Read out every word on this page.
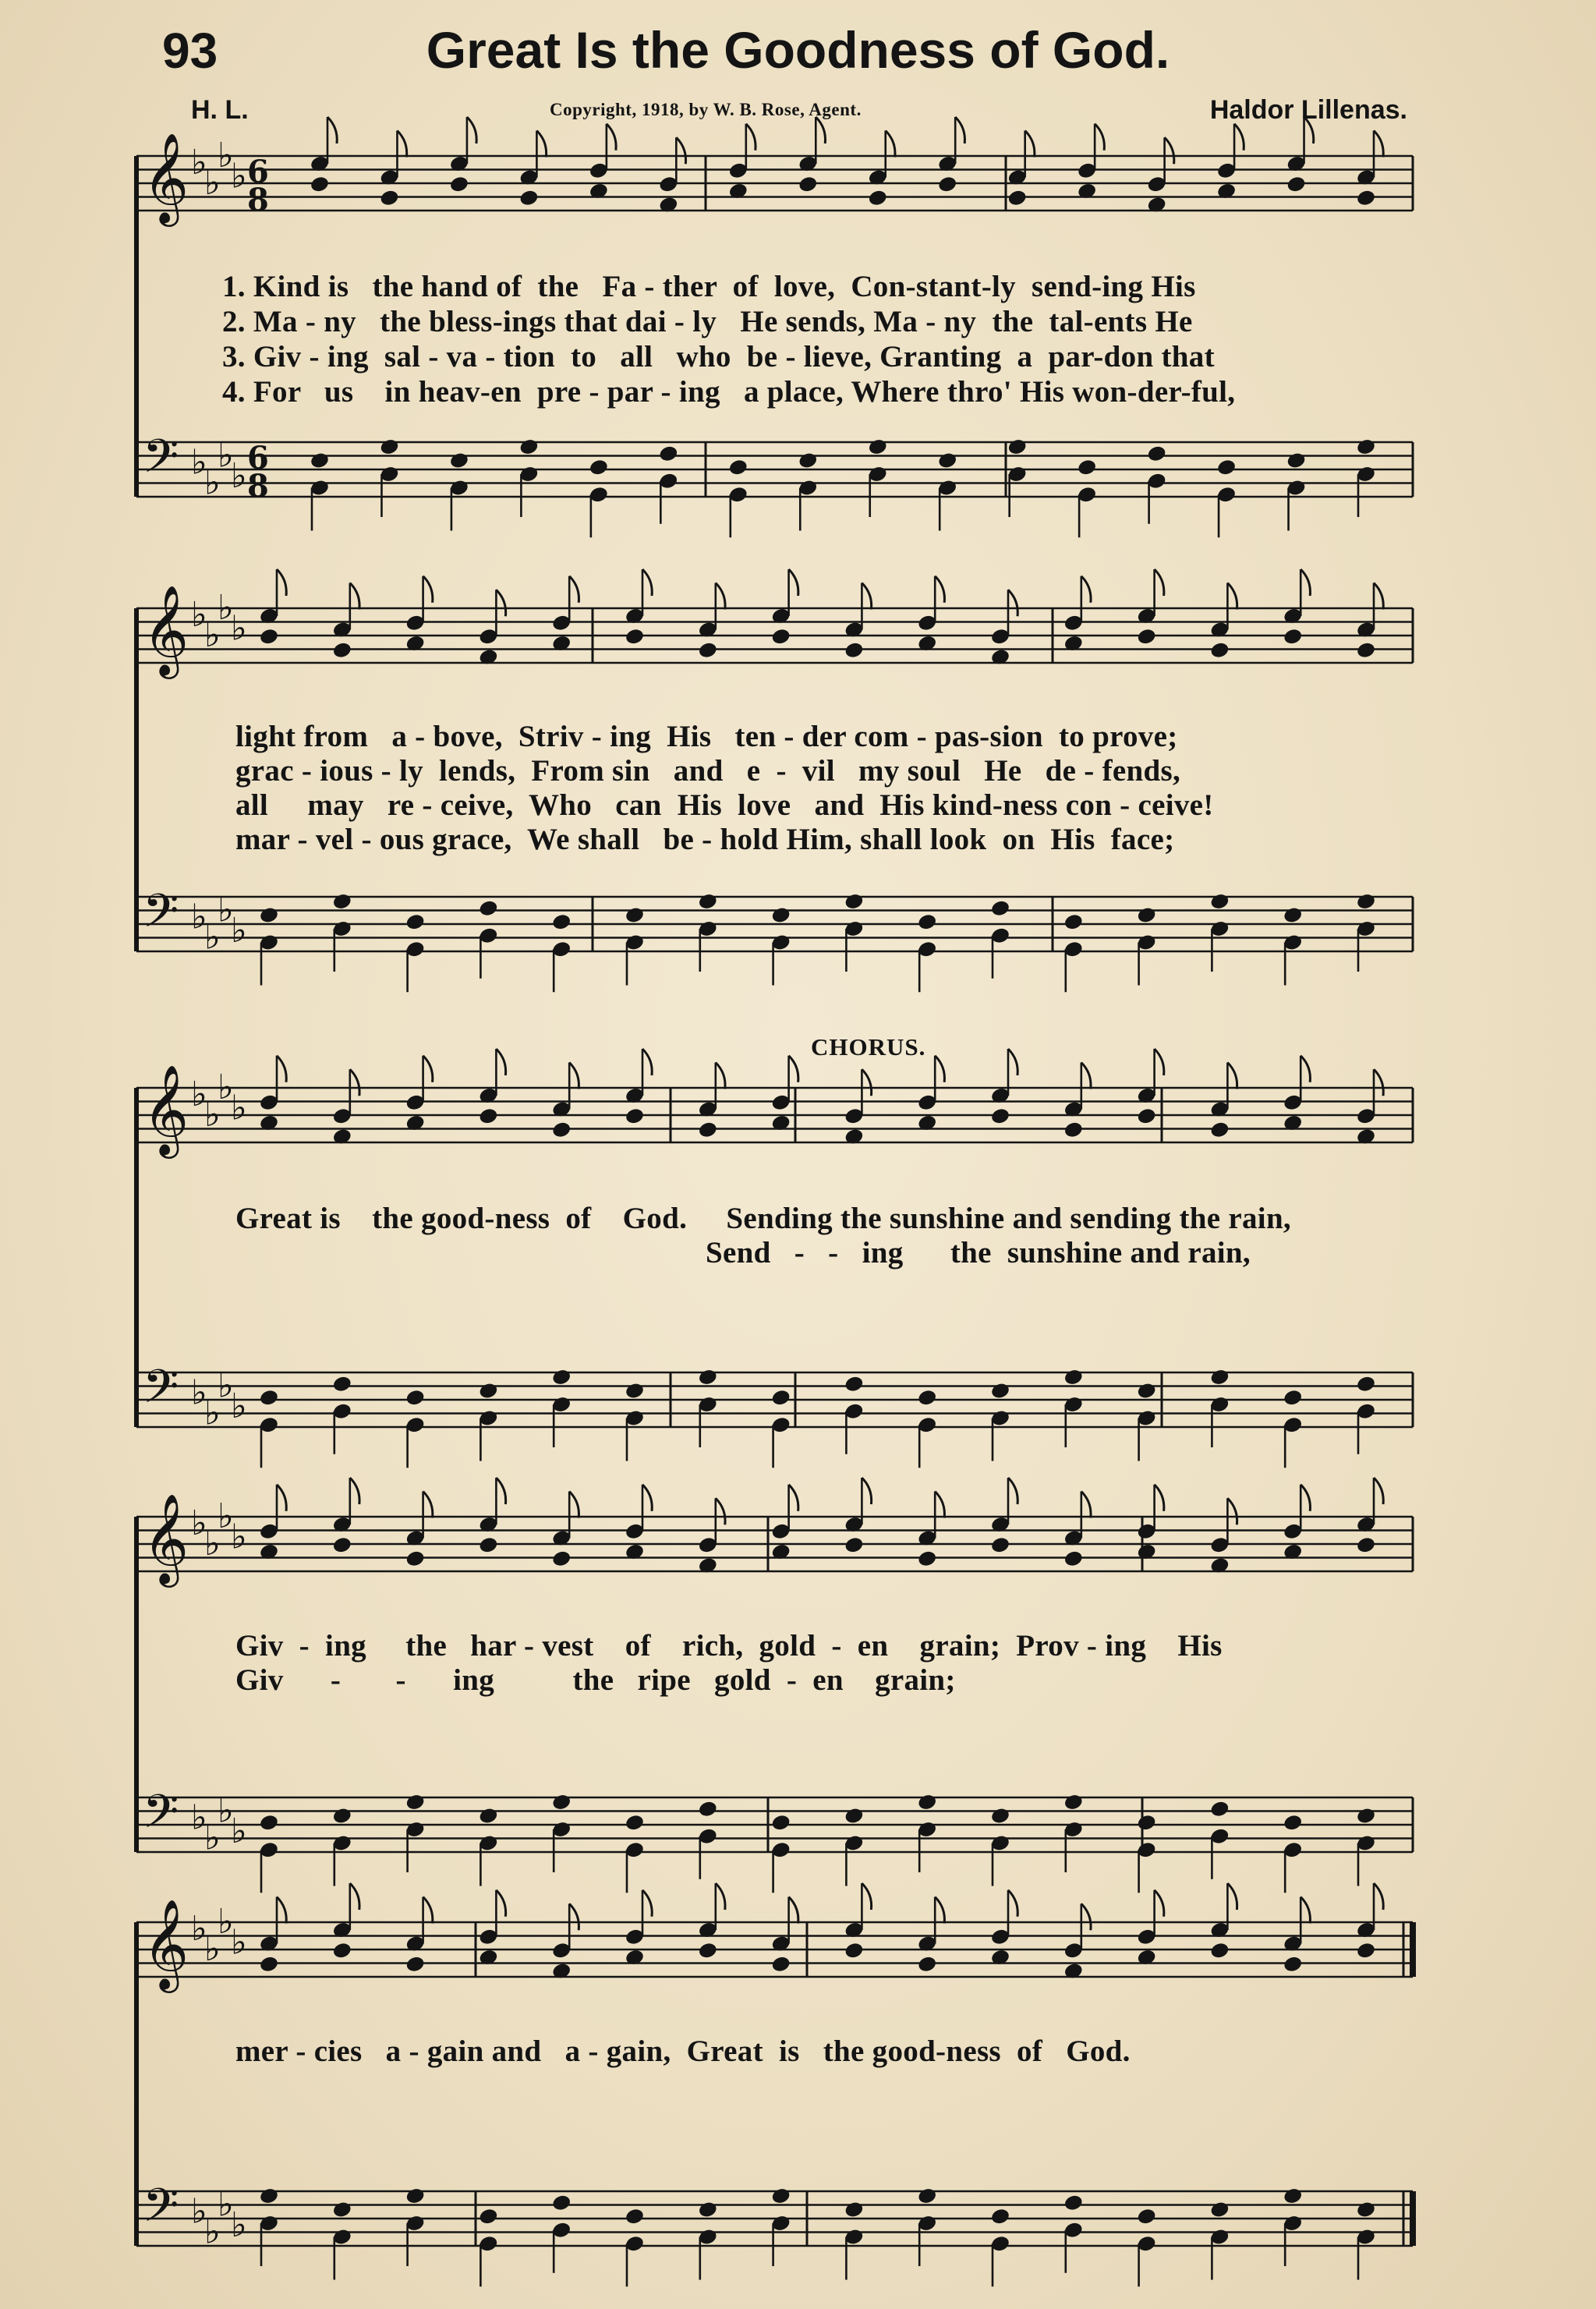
93	Great Is the Goodness of God.
H. L.	Copyright, 1918, by W. B. Rose, Agent.	Haldor Lillenas.
𝄞 ♭
♭
♭
♭
𝄢 ♭
♭
♭
♭
6
8
6
8
𝄞 ♭
♭
♭
♭
𝄢 ♭
♭
♭
♭
𝄞 ♭
♭
♭
♭
𝄢 ♭
♭
♭
♭
𝄞 ♭
♭
♭
♭
𝄢 ♭
♭
♭
♭
𝄞 ♭
♭
♭
♭
𝄢 ♭
♭
♭
♭
CHORUS.
1. Kind is   the hand of  the   Fa - ther  of  love,  Con-stant-ly  send-ing His
2. Ma - ny   the bless-ings that dai - ly   He sends, Ma - ny  the  tal-ents He
3. Giv - ing  sal - va - tion  to   all   who  be - lieve, Granting  a  par-don that
4. For   us    in heav-en  pre - par - ing   a place, Where thro' His won-der-ful,
light from   a - bove,  Striv - ing  His   ten - der com - pas-sion  to prove;
grac - ious - ly  lends,  From sin   and   e  -  vil   my soul   He   de - fends,
all     may   re - ceive,  Who   can  His  love   and  His kind-ness con - ceive!
mar - vel - ous grace,  We shall   be - hold Him, shall look  on  His  face;
Great is    the good-ness  of    God.     Sending the sunshine and sending the rain,
Send   -   -   ing      the  sunshine and rain,
Giv  -  ing     the   har - vest    of    rich,  gold  -  en    grain;  Prov - ing    His
Giv      -       -      ing          the   ripe   gold  -  en    grain;
mer - cies   a - gain and   a - gain,  Great  is   the good-ness  of   God.
